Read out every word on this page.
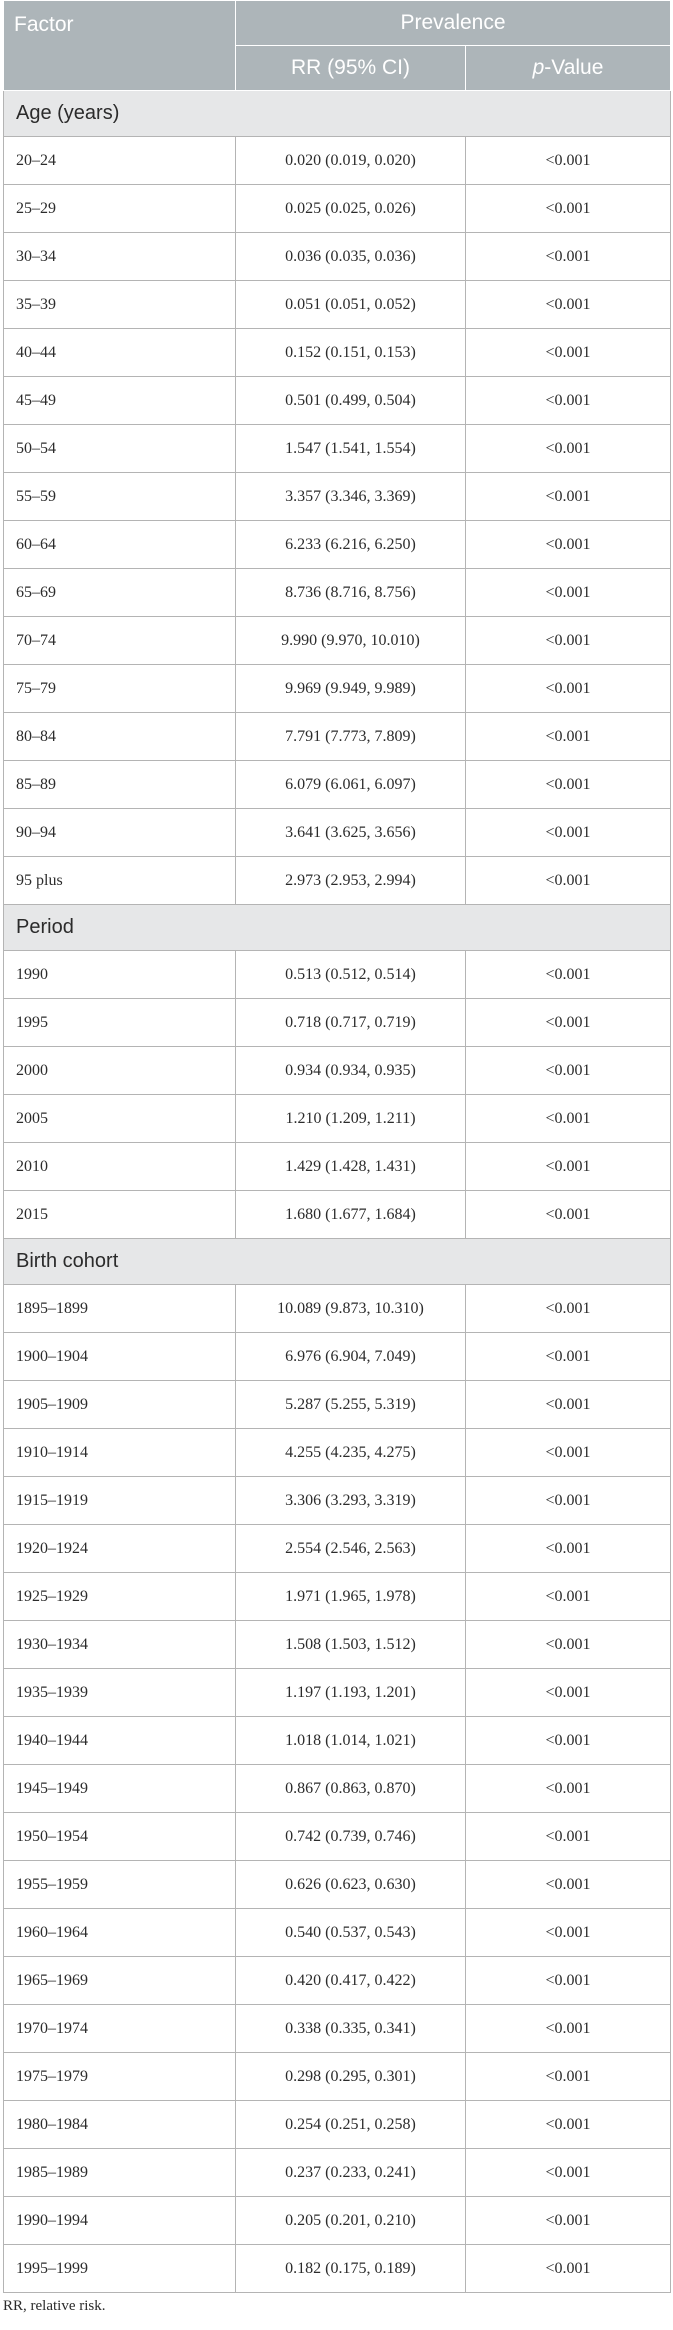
Factor	Prevalence	
	RR (95% CI)	p-Value
Age (years)		
20–24	0.020 (0.019, 0.020)	<0.001
25–29	0.025 (0.025, 0.026)	<0.001
30–34	0.036 (0.035, 0.036)	<0.001
35–39	0.051 (0.051, 0.052)	<0.001
40–44	0.152 (0.151, 0.153)	<0.001
45–49	0.501 (0.499, 0.504)	<0.001
50–54	1.547 (1.541, 1.554)	<0.001
55–59	3.357 (3.346, 3.369)	<0.001
60–64	6.233 (6.216, 6.250)	<0.001
65–69	8.736 (8.716, 8.756)	<0.001
70–74	9.990 (9.970, 10.010)	<0.001
75–79	9.969 (9.949, 9.989)	<0.001
80–84	7.791 (7.773, 7.809)	<0.001
85–89	6.079 (6.061, 6.097)	<0.001
90–94	3.641 (3.625, 3.656)	<0.001
95 plus	2.973 (2.953, 2.994)	<0.001
Period		
1990	0.513 (0.512, 0.514)	<0.001
1995	0.718 (0.717, 0.719)	<0.001
2000	0.934 (0.934, 0.935)	<0.001
2005	1.210 (1.209, 1.211)	<0.001
2010	1.429 (1.428, 1.431)	<0.001
2015	1.680 (1.677, 1.684)	<0.001
Birth cohort		
1895–1899	10.089 (9.873, 10.310)	<0.001
1900–1904	6.976 (6.904, 7.049)	<0.001
1905–1909	5.287 (5.255, 5.319)	<0.001
1910–1914	4.255 (4.235, 4.275)	<0.001
1915–1919	3.306 (3.293, 3.319)	<0.001
1920–1924	2.554 (2.546, 2.563)	<0.001
1925–1929	1.971 (1.965, 1.978)	<0.001
1930–1934	1.508 (1.503, 1.512)	<0.001
1935–1939	1.197 (1.193, 1.201)	<0.001
1940–1944	1.018 (1.014, 1.021)	<0.001
1945–1949	0.867 (0.863, 0.870)	<0.001
1950–1954	0.742 (0.739, 0.746)	<0.001
1955–1959	0.626 (0.623, 0.630)	<0.001
1960–1964	0.540 (0.537, 0.543)	<0.001
1965–1969	0.420 (0.417, 0.422)	<0.001
1970–1974	0.338 (0.335, 0.341)	<0.001
1975–1979	0.298 (0.295, 0.301)	<0.001
1980–1984	0.254 (0.251, 0.258)	<0.001
1985–1989	0.237 (0.233, 0.241)	<0.001
1990–1994	0.205 (0.201, 0.210)	<0.001
1995–1999	0.182 (0.175, 0.189)	<0.001
RR, relative risk.
